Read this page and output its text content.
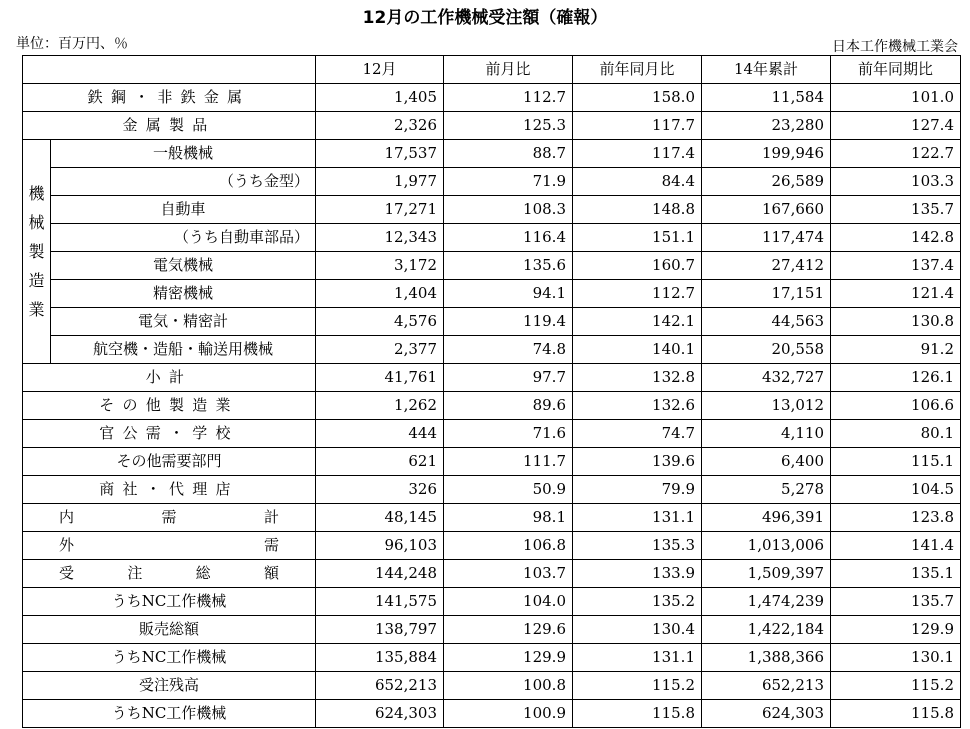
12月の工作機械受注額（確報）
単位：百万円、％	日本工作機械工業会
		12月	前月比	前年同月比	14年累計	前年同期比
鉄鋼・非鉄金属		1,405	112.7	158.0	11,584	101.0
金属製品		2,326	125.3	117.7	23,280	127.4

機
械
製
造
業	一般機械	17,537	88.7	117.4	199,946	122.7
	（うち金型）	1,977	71.9	84.4	26,589	103.3
	自動車	17,271	108.3	148.8	167,660	135.7
	（うち自動車部品）	12,343	116.4	151.1	117,474	142.8
	電気機械	3,172	135.6	160.7	27,412	137.4
	精密機械	1,404	94.1	112.7	17,151	121.4
	電気・精密計	4,576	119.4	142.1	44,563	130.8
	航空機・造船・輸送用機械	2,377	74.8	140.1	20,558	91.2
小計		41,761	97.7	132.8	432,727	126.1
その他製造業		1,262	89.6	132.6	13,012	106.6
官公需・学校		444	71.6	74.7	4,110	80.1
その他需要部門		621	111.7	139.6	6,400	115.1
商社・代理店		326	50.9	79.9	5,278	104.5
内需計		48,145	98.1	131.1	496,391	123.8
外需		96,103	106.8	135.3	1,013,006	141.4
受注総額		144,248	103.7	133.9	1,509,397	135.1
うちNC工作機械		141,575	104.0	135.2	1,474,239	135.7
販売総額		138,797	129.6	130.4	1,422,184	129.9
うちNC工作機械		135,884	129.9	131.1	1,388,366	130.1
受注残高		652,213	100.8	115.2	652,213	115.2
うちNC工作機械		624,303	100.9	115.8	624,303	115.8
